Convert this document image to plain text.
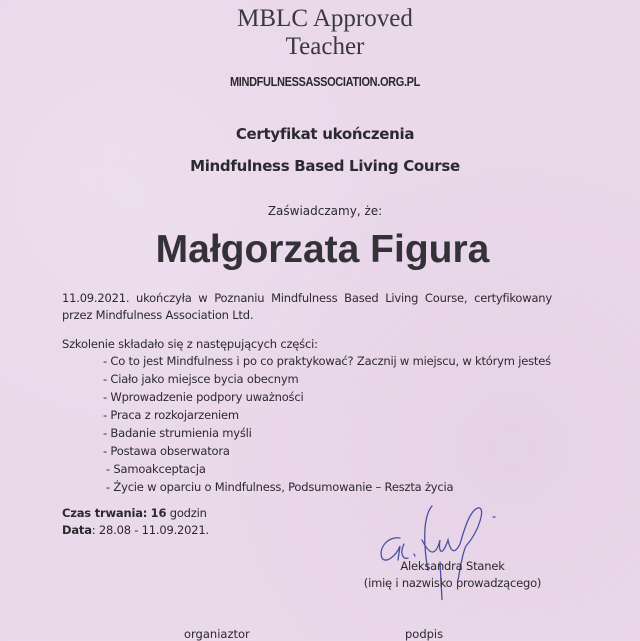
MBLC Approved
Teacher
MINDFULNESSASSOCIATION.ORG.PL
Certyfikat ukończenia
Mindfulness Based Living Course
Zaświadczamy, że:
Małgorzata Figura
11.09.2021. ukończyła w Poznaniu Mindfulness Based Living Course, certyfikowany przez Mindfulness Association Ltd.
Szkolenie składało się z następujących części:
- Co to jest Mindfulness i po co praktykować? Zacznij w miejscu, w którym jesteś
- Ciało jako miejsce bycia obecnym
- Wprowadzenie podpory uważności
- Praca z rozkojarzeniem
- Badanie strumienia myśli
- Postawa obserwatora
- Samoakceptacja
- Życie w oparciu o Mindfulness, Podsumowanie – Reszta życia
Czas trwania: 16 godzin
Data: 28.08 - 11.09.2021.
Aleksandra Stanek
(imię i nazwisko prowadzącego)
organiaztor	podpis
